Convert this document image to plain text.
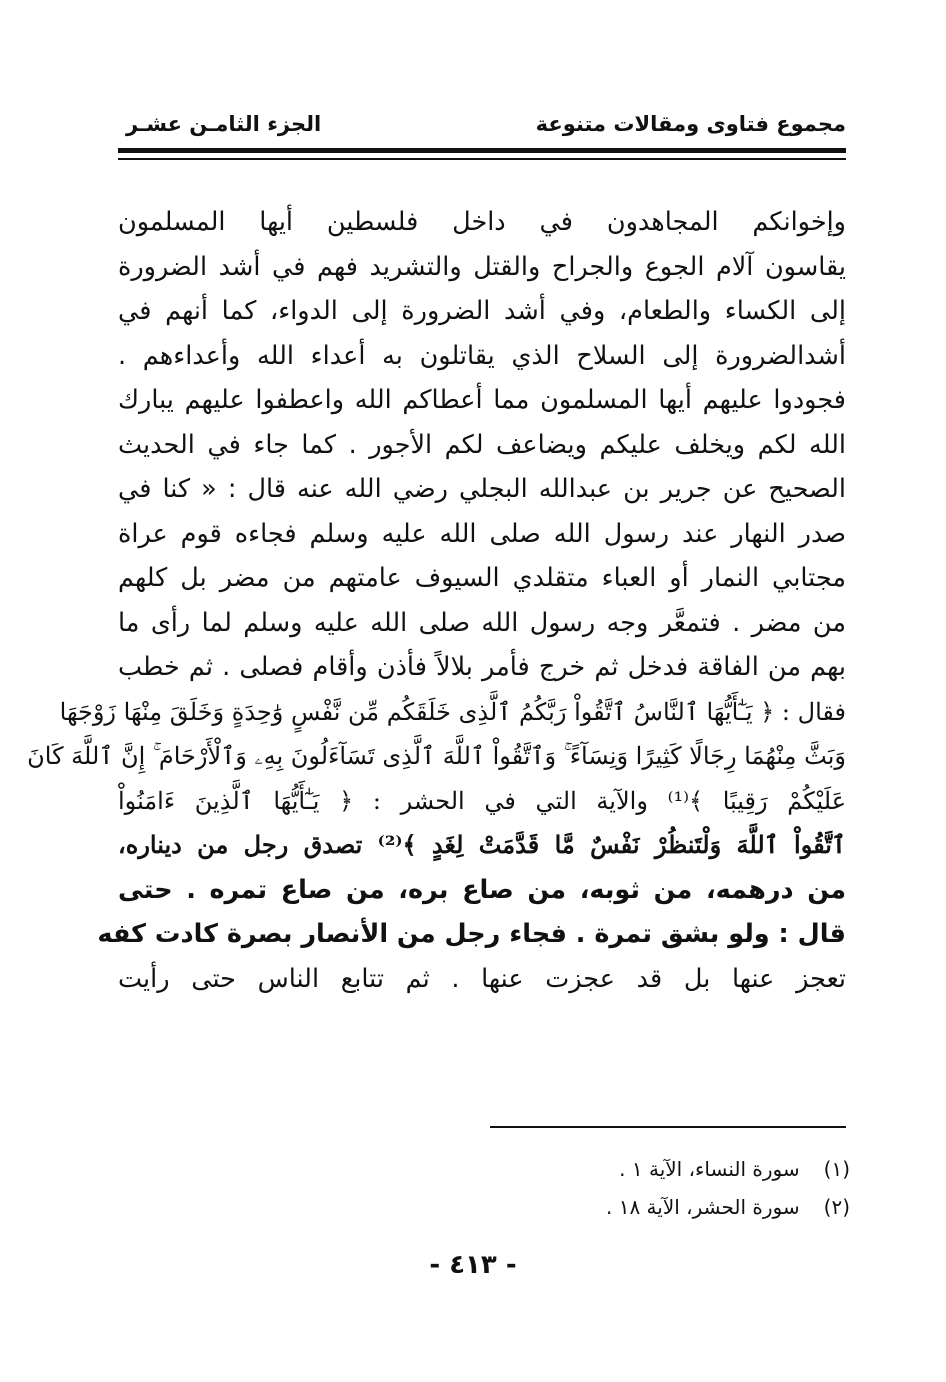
مجموع فتاوى ومقالات متنوعة
الجزء الثامـن عشـر
وإخوانكم المجاهدون في داخل فلسطين أيها المسلمون
يقاسون آلام الجوع والجراح والقتل والتشريد فهم في أشد الضرورة
إلى الكساء والطعام، وفي أشد الضرورة إلى الدواء، كما أنهم في
أشدالضرورة إلى السلاح الذي يقاتلون به أعداء الله وأعداءهم .
فجودوا عليهم أيها المسلمون مما أعطاكم الله واعطفوا عليهم يبارك
الله لكم ويخلف عليكم ويضاعف لكم الأجور . كما جاء في الحديث
الصحيح عن جرير بن عبدالله البجلي رضي الله عنه قال : « كنا في
صدر النهار عند رسول الله صلى الله عليه وسلم فجاءه قوم عراة
مجتابي النمار أو العباء متقلدي السيوف عامتهم من مضر بل كلهم
من مضر . فتمعَّر وجه رسول الله صلى الله عليه وسلم لما رأى ما
بهم من الفاقة فدخل ثم خرج فأمر بلالاً فأذن وأقام فصلى . ثم خطب
فقال : ﴿ يَـٰٓأَيُّهَا ٱلنَّاسُ ٱتَّقُواْ رَبَّكُمُ ٱلَّذِى خَلَقَكُم مِّن نَّفْسٍ وَٰحِدَةٍ وَخَلَقَ مِنْهَا زَوْجَهَا
وَبَثَّ مِنْهُمَا رِجَالًا كَثِيرًا وَنِسَآءً ۚ وَٱتَّقُواْ ٱللَّهَ ٱلَّذِى تَسَآءَلُونَ بِهِۦ وَٱلْأَرْحَامَ ۚ إِنَّ ٱللَّهَ كَانَ
عَلَيْكُمْ رَقِيبًا ﴾⁽¹⁾ والآية التي في الحشر : ﴿ يَـٰٓأَيُّهَا ٱلَّذِينَ ءَامَنُواْ
ٱتَّقُواْ ٱللَّهَ وَلْتَنظُرْ نَفْسٌ مَّا قَدَّمَتْ لِغَدٍ ﴾⁽²⁾ تصدق رجل من ديناره،
من درهمه، من ثوبه، من صاع بره، من صاع تمره . حتى
قال : ولو بشق تمرة . فجاء رجل من الأنصار بصرة كادت كفه
تعجز عنها بل قد عجزت عنها . ثم تتابع الناس حتى رأيت
(١) سورة النساء، الآية ١ .
(٢) سورة الحشر، الآية ١٨ .
- ٤١٣ -
